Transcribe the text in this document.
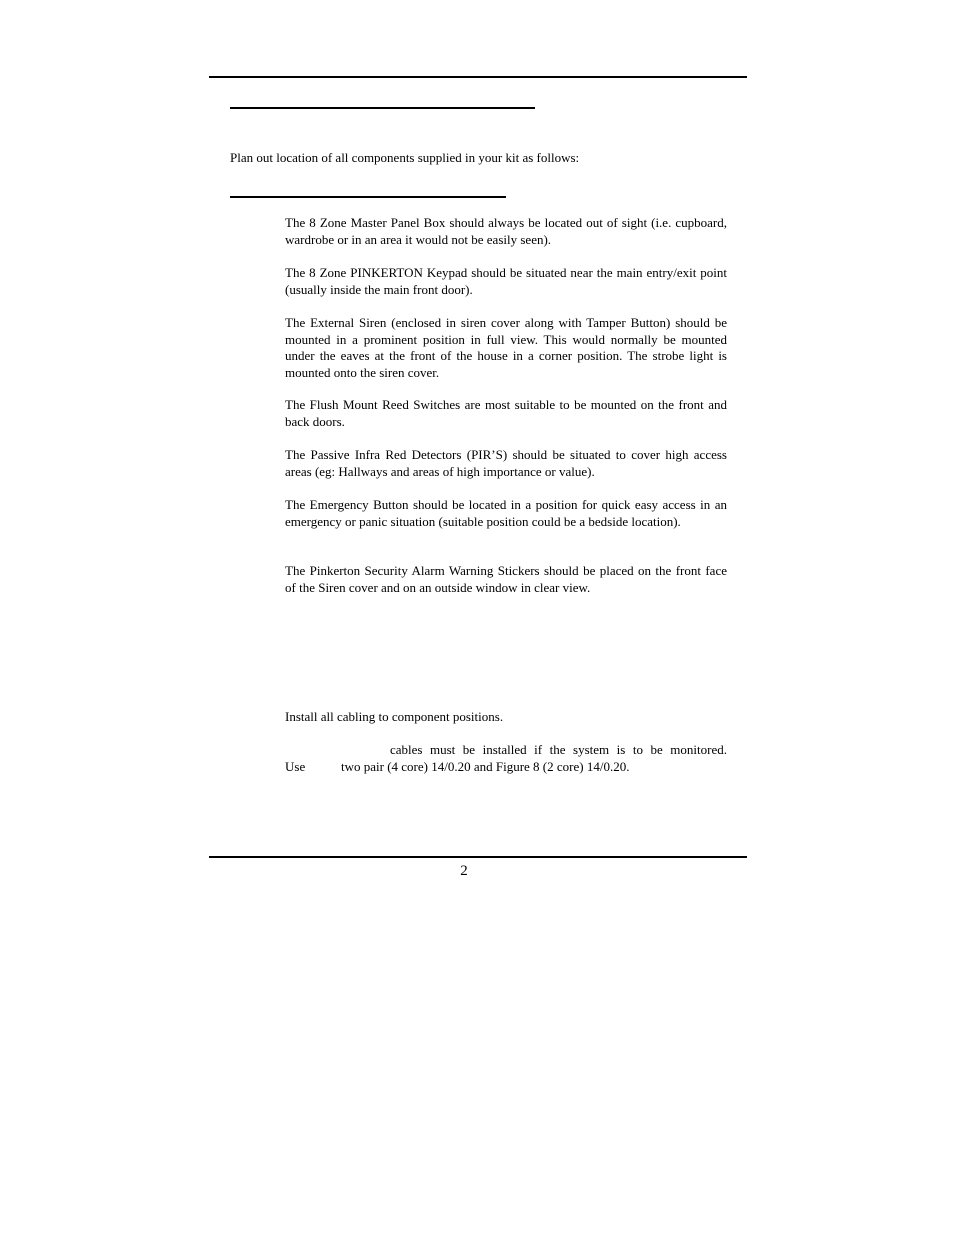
Plan out location of all components supplied in your kit as follows:

The 8 Zone Master Panel Box should always be located out of sight (i.e. cupboard, wardrobe or in an area it would not be easily seen).

The 8 Zone PINKERTON Keypad should be situated near the main entry/exit point (usually inside the main front door).

The External Siren (enclosed in siren cover along with Tamper Button) should be mounted in a prominent position in full view. This would normally be mounted under the eaves at the front of the house in a corner position. The strobe light is mounted onto the siren cover.

The Flush Mount Reed Switches are most suitable to be mounted on the front and back doors.

The Passive Infra Red Detectors (PIR’S) should be situated to cover high access areas (eg: Hallways and areas of high importance or value).

The Emergency Button should be located in a position for quick easy access in an emergency or panic situation (suitable position could be a bedside location).

The Pinkerton Security Alarm Warning Stickers should be placed on the front face of the Siren cover and on an outside window in clear view.

Install all cabling to component positions.

cables must be installed if the system is to be monitored.

Use	two pair (4 core) 14/0.20 and Figure 8 (2 core) 14/0.20.

2
